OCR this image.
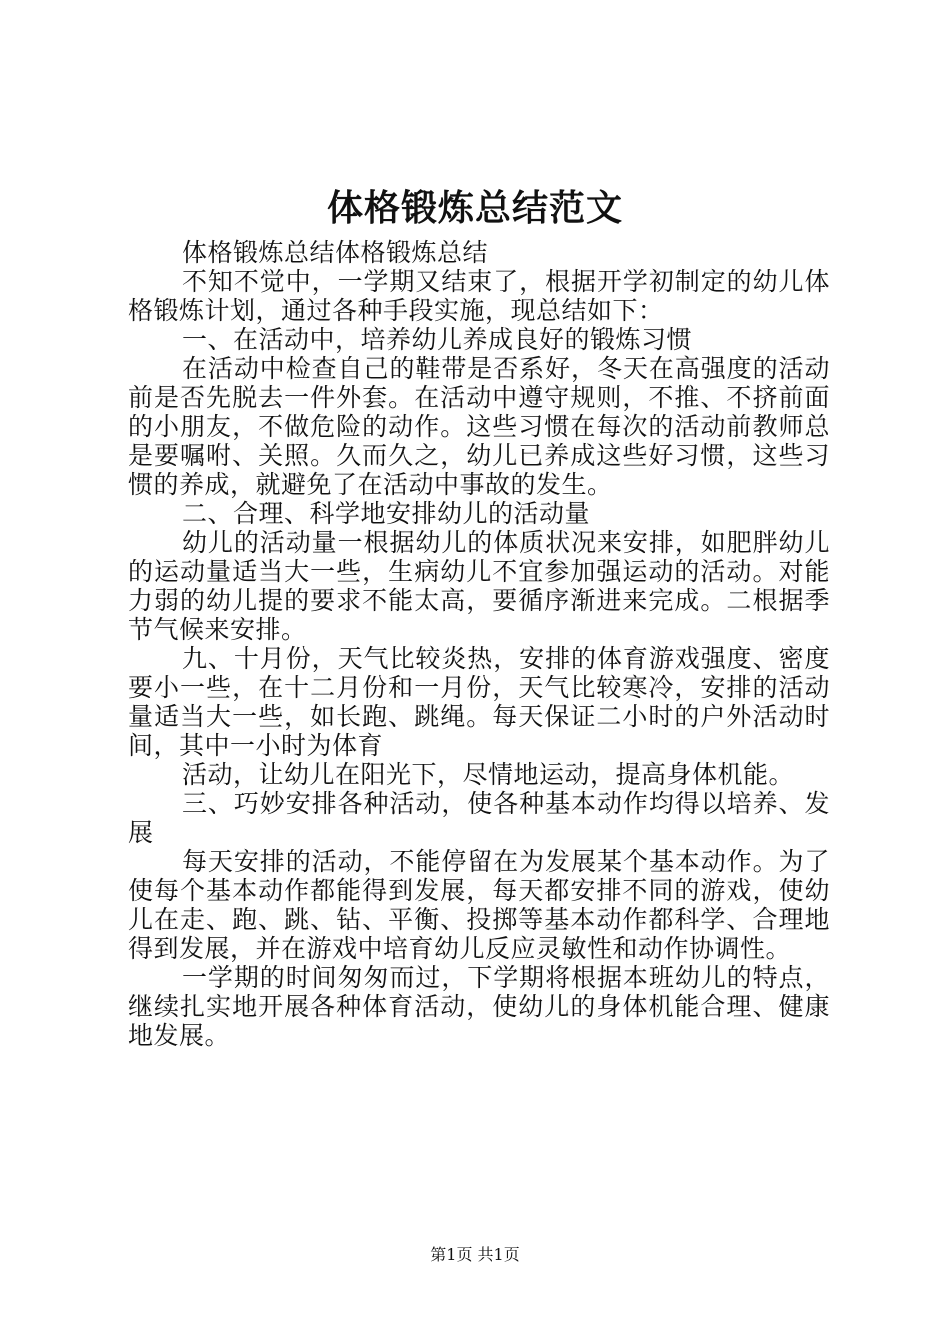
体格锻炼总结范文

体格锻炼总结体格锻炼总结

不知不觉中，一学期又结束了，根据开学初制定的幼儿体格锻炼计划，通过各种手段实施，现总结如下：

一、在活动中，培养幼儿养成良好的锻炼习惯

在活动中检查自己的鞋带是否系好，冬天在高强度的活动前是否先脱去一件外套。在活动中遵守规则，不推、不挤前面的小朋友，不做危险的动作。这些习惯在每次的活动前教师总是要嘱咐、关照。久而久之，幼儿已养成这些好习惯，这些习惯的养成，就避免了在活动中事故的发生。

二、合理、科学地安排幼儿的活动量

幼儿的活动量一根据幼儿的体质状况来安排，如肥胖幼儿的运动量适当大一些，生病幼儿不宜参加强运动的活动。对能力弱的幼儿提的要求不能太高，要循序渐进来完成。二根据季节气候来安排。

九、十月份，天气比较炎热，安排的体育游戏强度、密度要小一些，在十二月份和一月份，天气比较寒冷，安排的活动量适当大一些，如长跑、跳绳。每天保证二小时的户外活动时间，其中一小时为体育

活动，让幼儿在阳光下，尽情地运动，提高身体机能。

三、巧妙安排各种活动，使各种基本动作均得以培养、发展

每天安排的活动，不能停留在为发展某个基本动作。为了使每个基本动作都能得到发展，每天都安排不同的游戏，使幼儿在走、跑、跳、钻、平衡、投掷等基本动作都科学、合理地得到发展，并在游戏中培育幼儿反应灵敏性和动作协调性。

一学期的时间匆匆而过，下学期将根据本班幼儿的特点，继续扎实地开展各种体育活动，使幼儿的身体机能合理、健康地发展。

第1页 共1页
